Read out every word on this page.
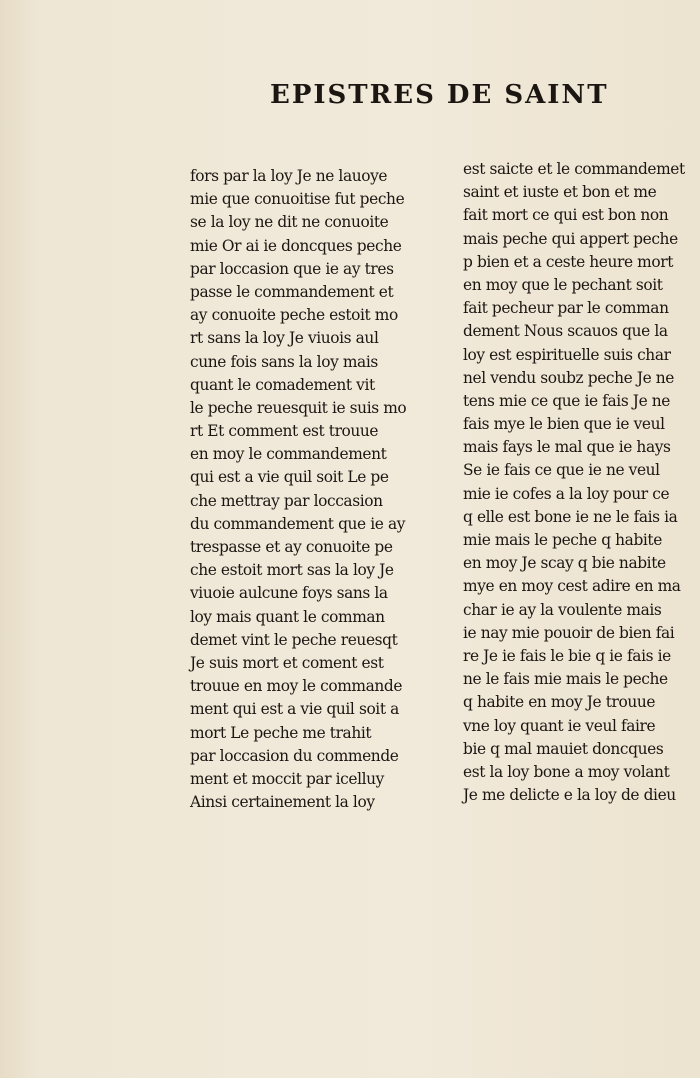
EPISTRES DE SAINT
fors par la loy Je ne lauoye
mie que conuoitise fut peche
se la loy ne dit ne conuoite
mie Or ai ie doncques peche
par loccasion que ie ay tres
passe le commandement et
ay conuoite peche estoit mo
rt sans la loy Je viuois aul
cune fois sans la loy mais
quant le comadement vit
le peche reuesquit ie suis mo
rt Et comment est trouue
en moy le commandement
qui est a vie quil soit Le pe
che mettray par loccasion
du commandement que ie ay
trespasse et ay conuoite pe
che estoit mort sas la loy Je
viuoie aulcune foys sans la
loy mais quant le comman
demet vint le peche reuesqt
Je suis mort et coment est
trouue en moy le commande
ment qui est a vie quil soit a
mort Le peche me trahit
par loccasion du commende
ment et moccit par icelluy
Ainsi certainement la loy
est saicte et le commandemet
saint et iuste et bon et me
fait mort ce qui est bon non
mais peche qui appert peche
p bien et a ceste heure mort
en moy que le pechant soit
fait pecheur par le comman
dement Nous scauos que la
loy est espirituelle suis char
nel vendu soubz peche Je ne
tens mie ce que ie fais Je ne
fais mye le bien que ie veul
mais fays le mal que ie hays
Se ie fais ce que ie ne veul
mie ie cofes a la loy pour ce
q elle est bone ie ne le fais ia
mie mais le peche q habite
en moy Je scay q bie nabite
mye en moy cest adire en ma
char ie ay la voulente mais
ie nay mie pouoir de bien fai
re Je ie fais le bie q ie fais ie
ne le fais mie mais le peche
q habite en moy Je trouue
vne loy quant ie veul faire
bie q mal mauiet doncques
est la loy bone a moy volant
Je me delicte e la loy de dieu
